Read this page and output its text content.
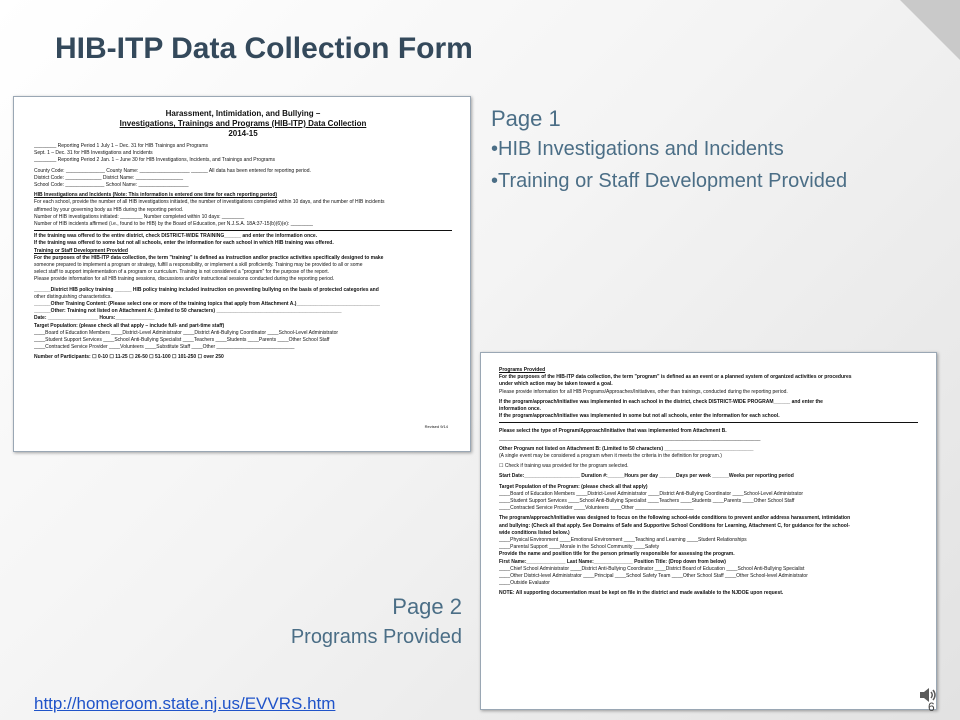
HIB-ITP Data Collection Form
Harassment, Intimidation, and Bullying –
Investigations, Trainings and Programs (HIB-ITP) Data Collection
2014-15
________ Reporting Period 1 July 1 – Dec. 31 for HIB Trainings and Programs
Sept. 1 – Dec. 31 for HIB Investigations and Incidents
________ Reporting Period 2 Jan. 1 – June 30 for HIB Investigations, Incidents, and Trainings and Programs
County Code: ______________ County Name: __________________ ______ All data has been entered for reporting period.
District Code: _____________ District Name: _________________
School Code: ______________ School Name: __________________
HIB Investigations and Incidents (Note: This information is entered one time for each reporting period)
For each school, provide the number of all HIB investigations initiated, the number of investigations completed within 10 days, and the number of HIB incidents
affirmed by your governing body as HIB during the reporting period.
Number of HIB investigations initiated: ________ Number completed within 10 days: ________
Number of HIB incidents affirmed (i.e., found to be HIB) by the Board of Education, per N.J.S.A. 18A:37-15(b)(6)(e): ________
If the training was offered to the entire district, check DISTRICT-WIDE TRAINING______ and enter the information once.
If the training was offered to some but not all schools, enter the information for each school in which HIB training was offered.
Training or Staff Development Provided
For the purposes of the HIB-ITP data collection, the term "training" is defined as instruction and/or practice activities specifically designed to make
someone prepared to implement a program or strategy, fulfill a responsibility, or implement a skill proficiently. Training may be provided to all or some
select staff to support implementation of a program or curriculum. Training is not considered a "program" for the purpose of the report.
Please provide information for all HIB training sessions, discussions and/or instructional sessions conducted during the reporting period.
______District HIB policy training ______ HIB policy training included instruction on preventing bullying on the basis of protected categories and
other distinguishing characteristics.
______Other Training Content: (Please select one or more of the training topics that apply from Attachment A.)______________________________
______Other: Training not listed on Attachment A: (Limited to 50 characters) _____________________________________________
Date: __________________ Hours:______________
Target Population: (please check all that apply – include full- and part-time staff)
____Board of Education Members ____District-Level Administrator ____District Anti-Bullying Coordinator ____School-Level Administrator
____Student Support Services ____School Anti-Bullying Specialist ____Teachers ____Students ____Parents ____Other School Staff
____Contracted Service Provider ____Volunteers ____Substitute Staff ____Other ____________________________
Number of Participants: ☐ 0-10 ☐ 11-25 ☐ 26-50 ☐ 51-100 ☐ 101-250 ☐ over 250
Revised 9/14
Page 1
•HIB Investigations and Incidents
•Training or Staff Development Provided
Programs Provided
For the purposes of the HIB-ITP data collection, the term "program" is defined as an event or a planned system of organized activities or procedures
under which action may be taken toward a goal.
Please provide information for all HIB Programs/Approaches/Initiatives, other than trainings, conducted during the reporting period.
If the program/approach/initiative was implemented in each school in the district, check DISTRICT-WIDE PROGRAM______ and enter the
information once.
If the program/approach/initiative was implemented in some but not all schools, enter the information for each school.
Please select the type of Program/Approach/Initiative that was implemented from Attachment B.
______________________________________________________________________________________________
Other Program not listed on Attachment B: (Limited to 50 characters) ________________________________
(A single event may be considered a program when it meets the criteria in the definition for program.)
☐ Check if training was provided for the program selected.
Start Date:____________________ Duration #:______Hours per day ______Days per week ______Weeks per reporting period
Target Population of the Program: (please check all that apply)
____Board of Education Members ____District-Level Administrator ____District Anti-Bullying Coordinator ____School-Level Administrator
____Student Support Services ____School Anti-Bullying Specialist ____Teachers ____Students ____Parents ____Other School Staff
____Contracted Service Provider ____Volunteers ____Other _____________________
The program/approach/initiative was designed to focus on the following school-wide conditions to prevent and/or address harassment, intimidation
and bullying: (Check all that apply. See Domains of Safe and Supportive School Conditions for Learning, Attachment C, for guidance for the school-
wide conditions listed below.)
____Physical Environment ____Emotional Environment ____Teaching and Learning ____Student Relationships
____Parental Support ____Morale in the School Community ____Safety
Provide the name and position title for the person primarily responsible for assessing the program.
First Name:______________ Last Name:______________ Position Title: (Drop down from below)
____Chief School Administrator ____District Anti-Bullying Coordinator ____District Board of Education ____School Anti-Bullying Specialist
____Other District-level Administrator ____Principal ____School Safety Team ____Other School Staff ____Other School-level Administrator
____Outside Evaluator
NOTE: All supporting documentation must be kept on file in the district and made available to the NJDOE upon request.
Page 2
Programs Provided
http://homeroom.state.nj.us/EVVRS.htm	6
